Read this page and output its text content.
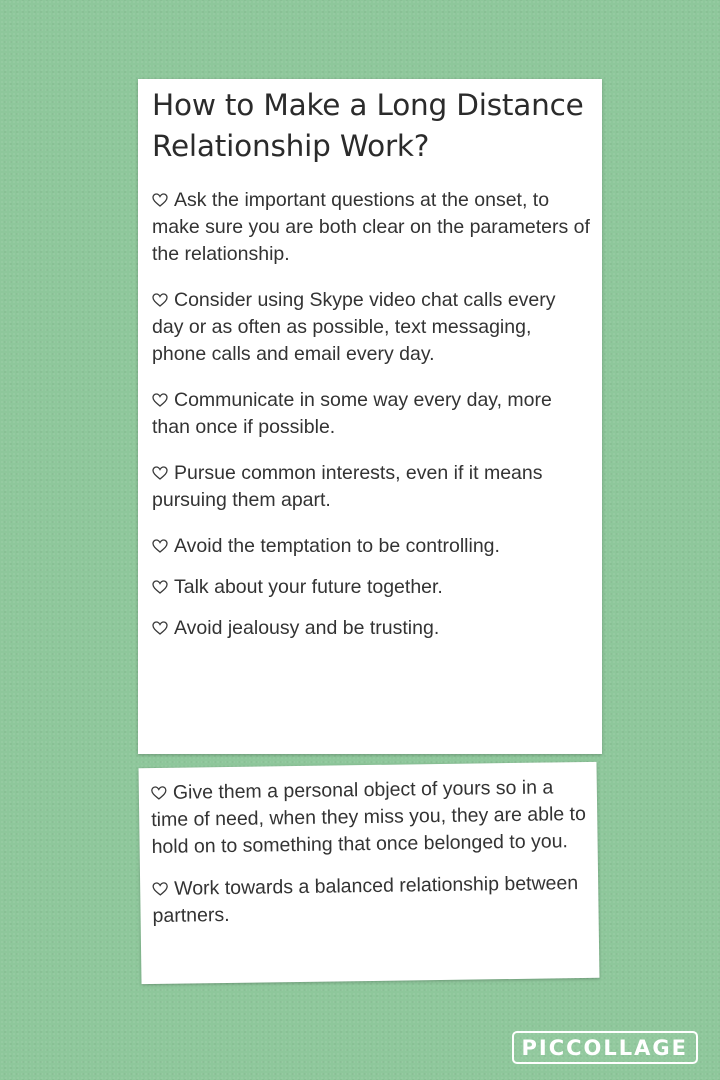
How to Make a Long Distance Relationship Work?

Ask the important questions at the onset, to make sure you are both clear on the parameters of the relationship.

Consider using Skype video chat calls every day or as often as possible, text messaging, phone calls and email every day.

Communicate in some way every day, more than once if possible.

Pursue common interests, even if it means pursuing them apart.

Avoid the temptation to be controlling.

Talk about your future together.

Avoid jealousy and be trusting.

Give them a personal object of yours so in a time of need, when they miss you, they are able to hold on to something that once belonged to you.

Work towards a balanced relationship between partners.

PICCOLLAGE
